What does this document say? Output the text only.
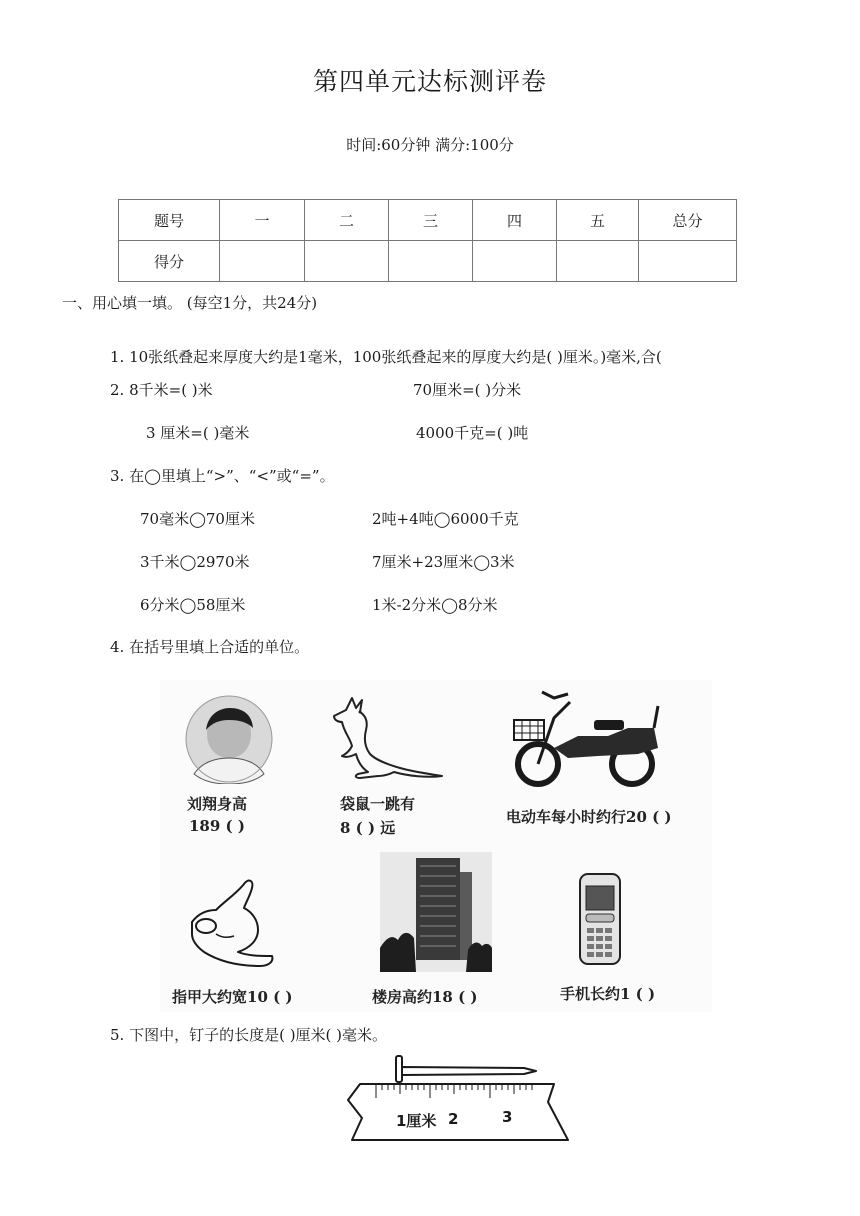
第四单元达标测评卷
时间:60分钟 满分:100分
题号	一	二	三	四	五	总分
得分						
一、用心填一填。 (每空1分，共24分)
1. 10张纸叠起来厚度大约是1毫米，100张纸叠起来的厚度大约是( )厘米。)毫米,合(
2. 8千米=( )米	70厘米=( )分米
3 厘米=( )毫米	4000千克=( )吨
3. 在◯里填上“>”、“<”或“=”。
70毫米◯70厘米	2吨+4吨◯6000千克
3千米◯2970米	7厘米+23厘米◯3米
6分米◯58厘米	1米-2分米◯8分米
4. 在括号里填上合适的单位。
刘翔身高
189 ( )
袋鼠一跳有
8 ( ) 远
电动车每小时约行20 ( )
指甲大约宽10 ( )	楼房高约18 ( )	手机长约1 ( )
5. 下图中，钉子的长度是( )厘米( )毫米。
1厘米 2	3
